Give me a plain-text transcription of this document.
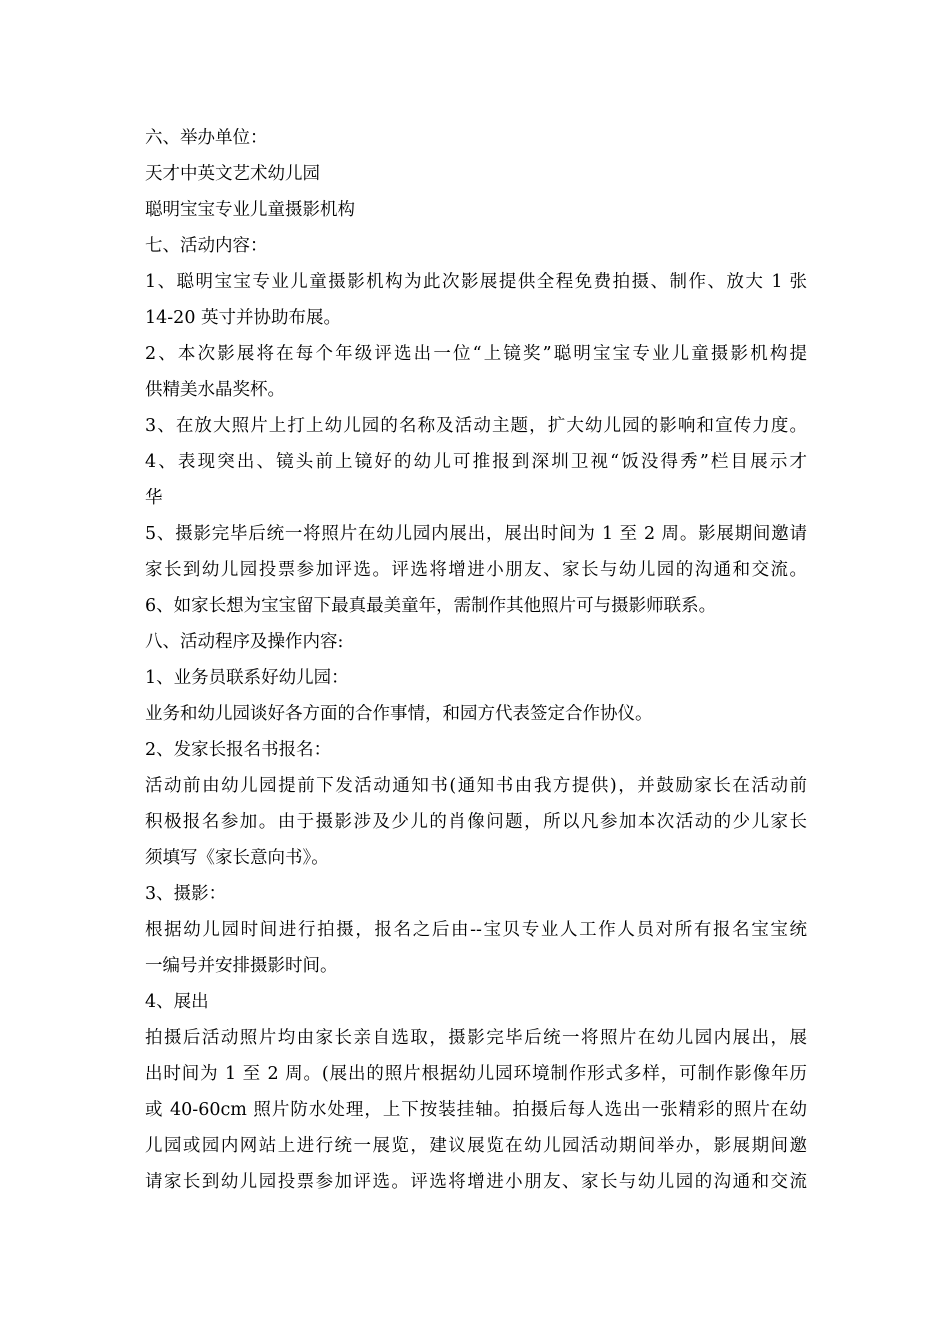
六、举办单位：
天才中英文艺术幼儿园
聪明宝宝专业儿童摄影机构
七、活动内容：
1、聪明宝宝专业儿童摄影机构为此次影展提供全程免费拍摄、制作、放大 1 张
14-20 英寸并协助布展。
2、本次影展将在每个年级评选出一位“上镜奖”聪明宝宝专业儿童摄影机构提
供精美水晶奖杯。
3、在放大照片上打上幼儿园的名称及活动主题，扩大幼儿园的影响和宣传力度。
4、表现突出、镜头前上镜好的幼儿可推报到深圳卫视“饭没得秀”栏目展示才
华
5、摄影完毕后统一将照片在幼儿园内展出，展出时间为 1 至 2 周。影展期间邀请
家长到幼儿园投票参加评选。评选将增进小朋友、家长与幼儿园的沟通和交流。
6、如家长想为宝宝留下最真最美童年，需制作其他照片可与摄影师联系。
八、活动程序及操作内容:
1、业务员联系好幼儿园：
业务和幼儿园谈好各方面的合作事情，和园方代表签定合作协仪。
2、发家长报名书报名：
活动前由幼儿园提前下发活动通知书(通知书由我方提供)，并鼓励家长在活动前
积极报名参加。由于摄影涉及少儿的肖像问题，所以凡参加本次活动的少儿家长
须填写《家长意向书》。
3、摄影：
根据幼儿园时间进行拍摄，报名之后由--宝贝专业人工作人员对所有报名宝宝统
一编号并安排摄影时间。
4、展出
拍摄后活动照片均由家长亲自选取，摄影完毕后统一将照片在幼儿园内展出，展
出时间为 1 至 2 周。(展出的照片根据幼儿园环境制作形式多样，可制作影像年历
或 40-60cm 照片防水处理，上下按装挂轴。拍摄后每人选出一张精彩的照片在幼
儿园或园内网站上进行统一展览，建议展览在幼儿园活动期间举办，影展期间邀
请家长到幼儿园投票参加评选。评选将增进小朋友、家长与幼儿园的沟通和交流
